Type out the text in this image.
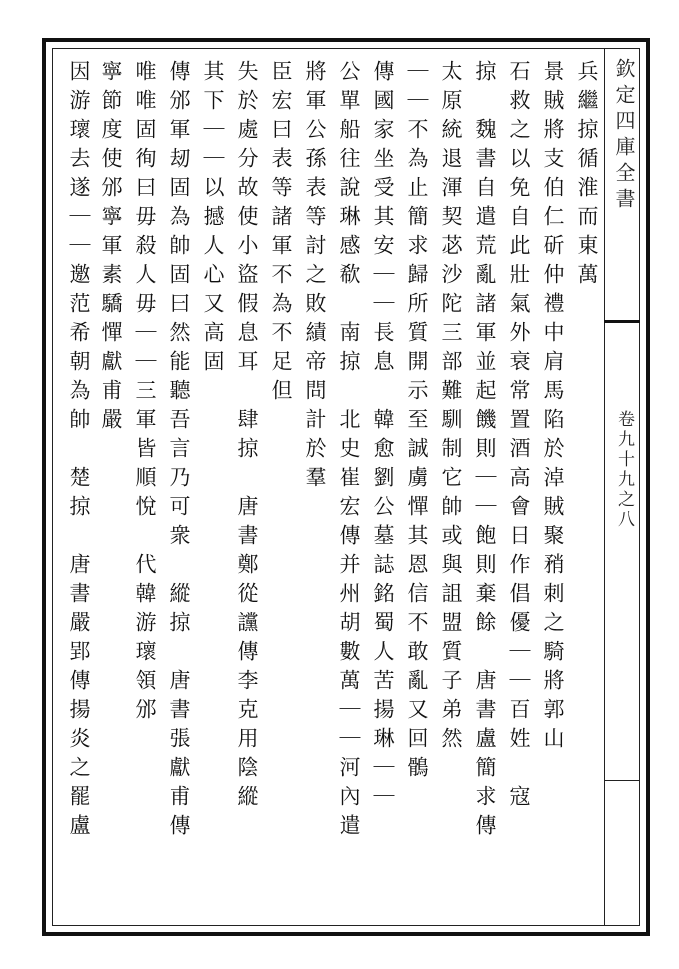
欽定四庫全書
卷九十九之八
兵繼掠循淮而東萬

景賊將支伯仁斫仲禮中肩馬陷於淖賊聚矟刺之騎將郭山
石救之以免自此壯氣外衰常置酒高會日作倡優｜｜百姓　寇
掠　魏書自遣荒亂諸軍並起饑則｜｜飽則棄餘　唐書盧簡求傳
太原統退渾契苾沙陀三部難馴制它帥或與詛盟質子弟然
｜｜不為止簡求歸所質開示至誠虜憚其恩信不敢亂又回鶻
傳國家坐受其安｜｜長息　韓愈劉公墓誌銘蜀人苦揚琳｜｜
公單船往說琳感欷　南掠　北史崔宏傳并州胡數萬｜｜河內遣
將軍公孫表等討之敗績帝問計於羣
臣宏曰表等諸軍不為不足但
失於處分故使小盜假息耳　肆掠　唐書鄭從讜傳李克用陰縱
其下｜｜以撼人心又高固
傳邠軍刼固為帥固曰然能聽吾言乃可衆　縱掠　唐書張獻甫傳
唯唯固徇曰毋殺人毋｜｜三軍皆順悅　代韓游瓌領邠
寧節度使邠寧軍素驕憚獻甫嚴
因游瓌去遂｜｜邀范希朝為帥　楚掠　唐書嚴郢傳揚炎之罷盧
